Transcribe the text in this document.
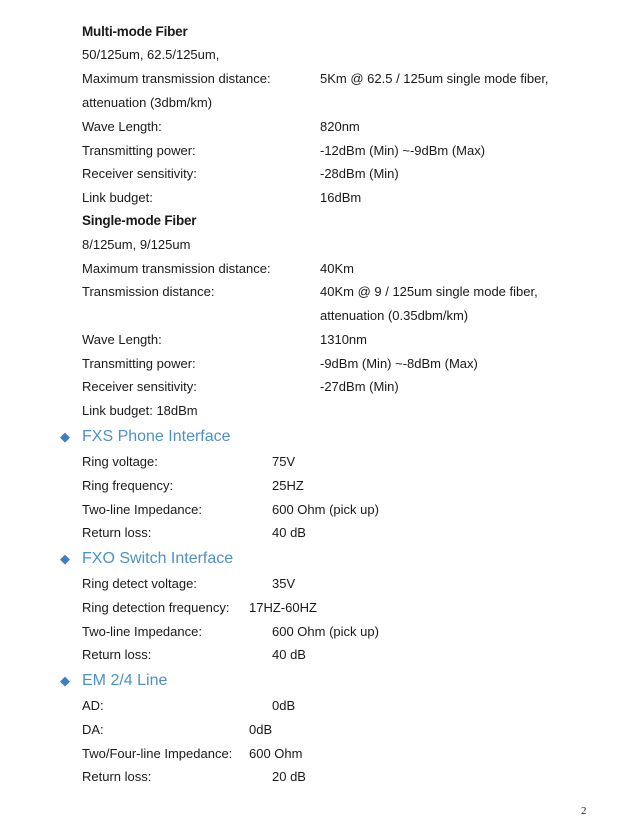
Multi-mode Fiber
50/125um, 62.5/125um,
Maximum transmission distance:	5Km @ 62.5 / 125um single mode fiber,
attenuation (3dbm/km)
Wave Length:	820nm
Transmitting power:	-12dBm (Min) ~-9dBm (Max)
Receiver sensitivity:	-28dBm (Min)
Link budget:	16dBm
Single-mode Fiber
8/125um, 9/125um
Maximum transmission distance:	40Km
Transmission distance:	40Km @ 9 / 125um single mode fiber,
attenuation (0.35dbm/km)
Wave Length:	1310nm
Transmitting power:	-9dBm (Min) ~-8dBm (Max)
Receiver sensitivity:	-27dBm (Min)
Link budget: 18dBm
◆ FXS Phone Interface
Ring voltage:	75V
Ring frequency:	25HZ
Two-line Impedance:	600 Ohm (pick up)
Return loss:	40 dB
◆ FXO Switch Interface
Ring detect voltage:	35V
Ring detection frequency: 17HZ-60HZ
Two-line Impedance:	600 Ohm (pick up)
Return loss:	40 dB
◆ EM 2/4 Line
AD:	0dB
DA:	0dB
Two/Four-line Impedance: 600 Ohm
Return loss:	20 dB
2
